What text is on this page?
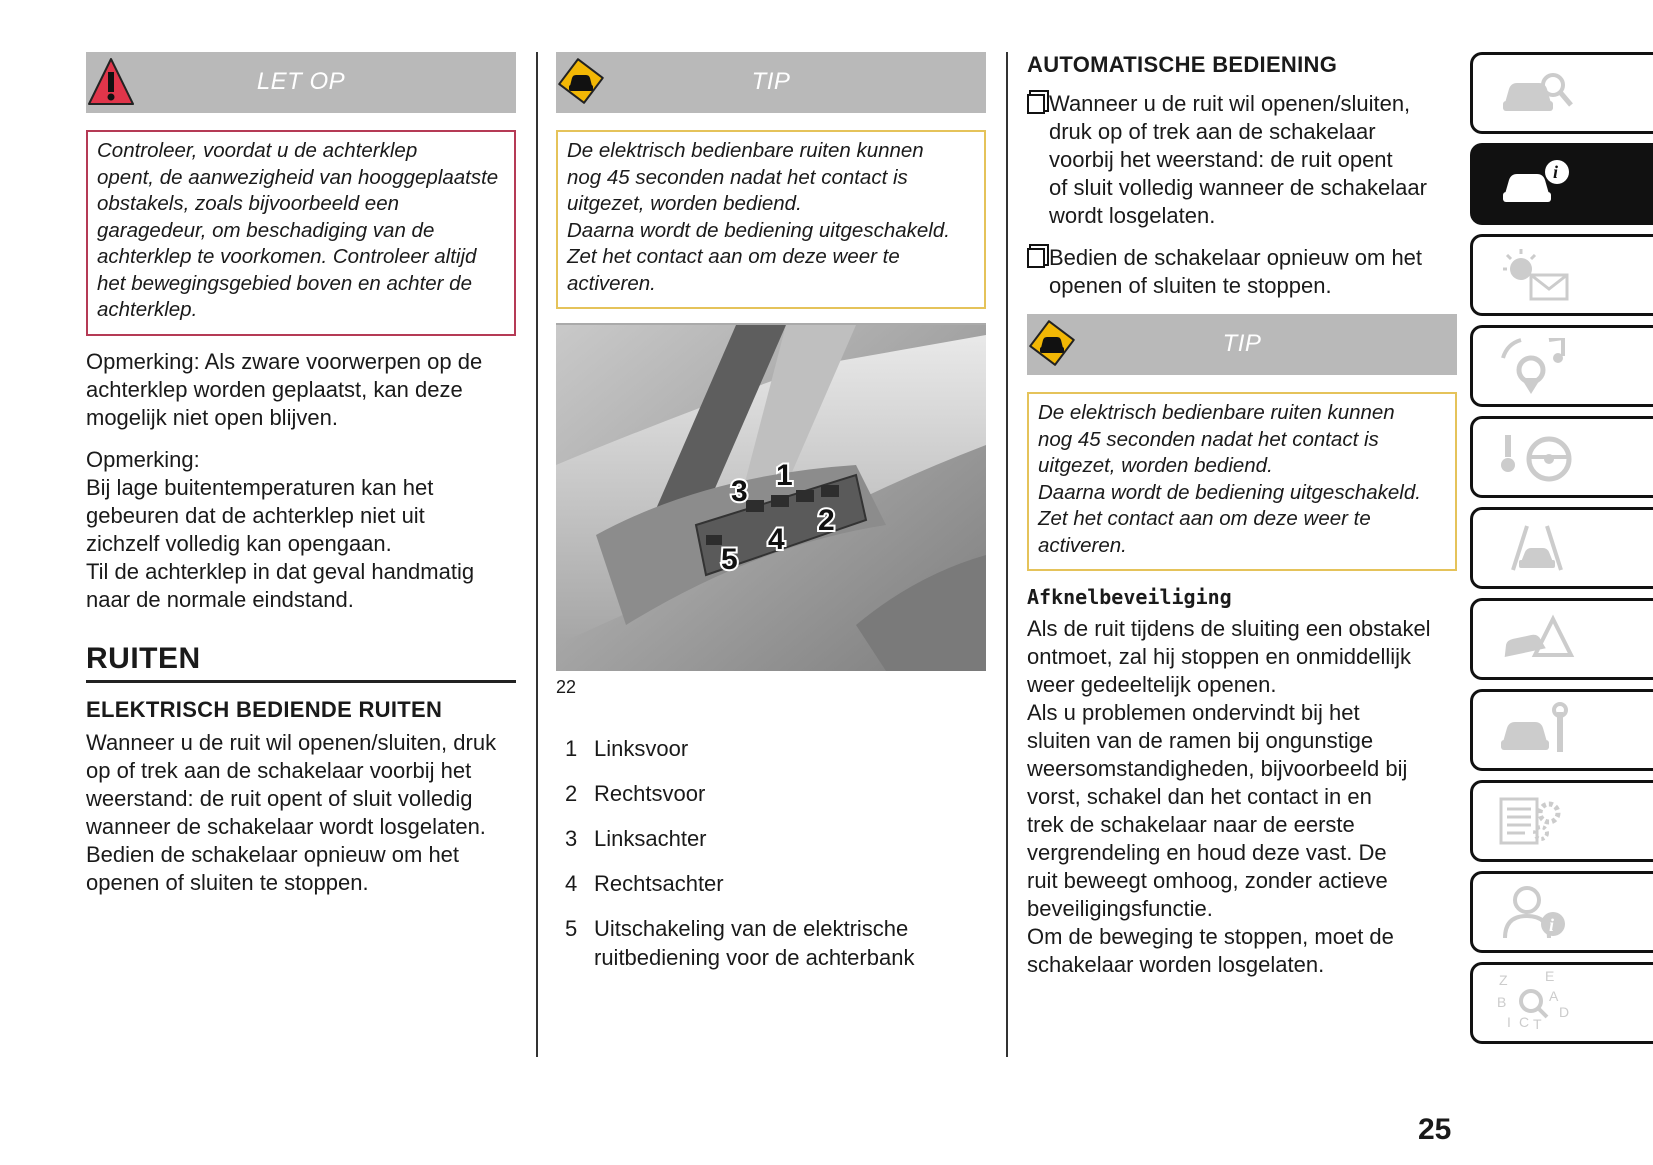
LET OP
Controleer, voordat u de achterklep
opent, de aanwezigheid van hooggeplaatste
obstakels, zoals bijvoorbeeld een
garagedeur, om beschadiging van de
achterklep te voorkomen. Controleer altijd
het bewegingsgebied boven en achter de
achterklep.

Opmerking: Als zware voorwerpen op de

achterklep worden geplaatst, kan deze

mogelijk niet open blijven.

Opmerking:

Bij lage buitentemperaturen kan het

gebeuren dat de achterklep niet uit

zichzelf volledig kan opengaan.

Til de achterklep in dat geval handmatig

naar de normale eindstand.

RUITEN
ELEKTRISCH BEDIENDE RUITEN

Wanneer u de ruit wil openen/sluiten, druk

op of trek aan de schakelaar voorbij het

weerstand: de ruit opent of sluit volledig

wanneer de schakelaar wordt losgelaten.

Bedien de schakelaar opnieuw om het

openen of sluiten te stoppen.

TIP
De elektrisch bedienbare ruiten kunnen
nog 45 seconden nadat het contact is
uitgezet, worden bediend.
Daarna wordt de bediening uitgeschakeld.
Zet het contact aan om deze weer te
activeren.
1
2
3
4
5
22
1 Linksvoor
2 Rechtsvoor
3 Linksachter
4 Rechtsachter
5 Uitschakeling van de elektrische
ruitbediening voor de achterbank
AUTOMATISCHE BEDIENING
Wanneer u de ruit wil openen/sluiten,
druk op of trek aan de schakelaar
voorbij het weerstand: de ruit opent
of sluit volledig wanneer de schakelaar
wordt losgelaten.
Bedien de schakelaar opnieuw om het
openen of sluiten te stoppen.
TIP
De elektrisch bedienbare ruiten kunnen
nog 45 seconden nadat het contact is
uitgezet, worden bediend.
Daarna wordt de bediening uitgeschakeld.
Zet het contact aan om deze weer te
activeren.
Afknelbeveiliging

Als de ruit tijdens de sluiting een obstakel

ontmoet, zal hij stoppen en onmiddellijk

weer gedeeltelijk openen.

Als u problemen ondervindt bij het

sluiten van de ramen bij ongunstige

weersomstandigheden, bijvoorbeeld bij

vorst, schakel dan het contact in en

trek de schakelaar naar de eerste

vergrendeling en houd deze vast. De

ruit beweegt omhoog, zonder actieve

beveiligingsfunctie.

Om de beweging te stoppen, moet de

schakelaar worden losgelaten.

i
i
Z	E
A
B
C T
I
D
25
